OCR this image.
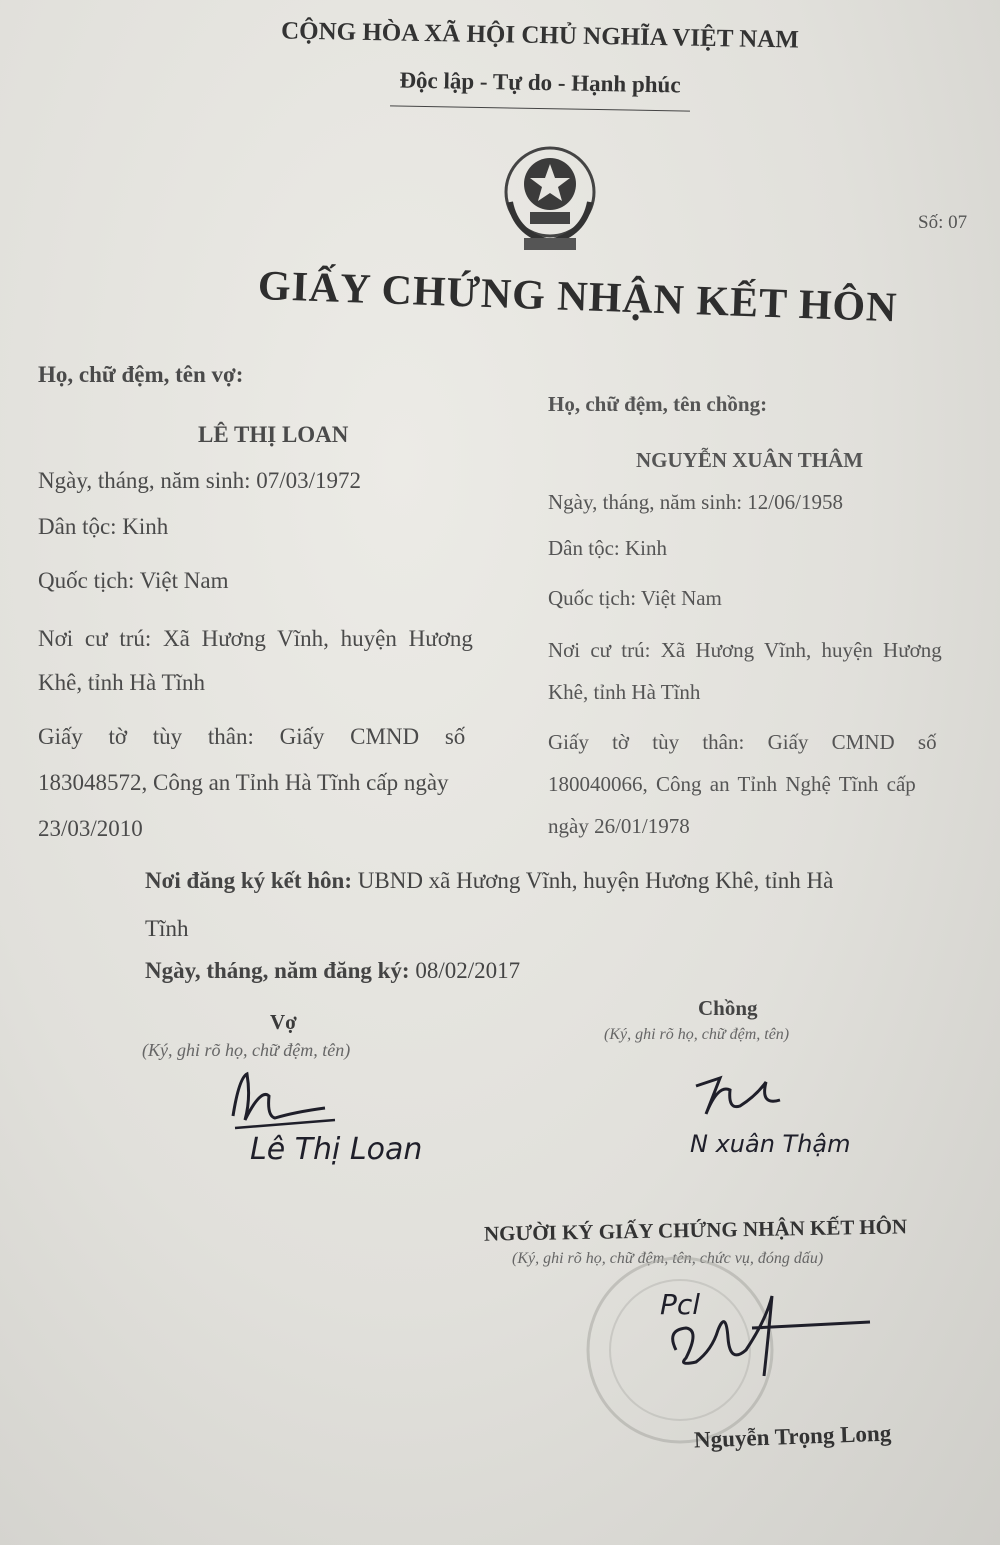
CỘNG HÒA XÃ HỘI CHỦ NGHĨA VIỆT NAM
Độc lập - Tự do - Hạnh phúc
Số: 07
GIẤY CHỨNG NHẬN KẾT HÔN
Họ, chữ đệm, tên vợ:
LÊ THỊ LOAN
Ngày, tháng, năm sinh: 07/03/1972
Dân tộc: Kinh
Quốc tịch: Việt Nam
Nơi cư trú: Xã Hương Vĩnh, huyện Hương
Khê, tỉnh Hà Tĩnh
Giấy tờ tùy thân: Giấy CMND số
183048572, Công an Tỉnh Hà Tĩnh cấp ngày
23/03/2010
Họ, chữ đệm, tên chồng:
NGUYỄN XUÂN THÂM
Ngày, tháng, năm sinh: 12/06/1958
Dân tộc: Kinh
Quốc tịch: Việt Nam
Nơi cư trú: Xã Hương Vĩnh, huyện Hương
Khê, tỉnh Hà Tĩnh
Giấy tờ tùy thân: Giấy CMND số
180040066, Công an Tỉnh Nghệ Tĩnh cấp
ngày 26/01/1978
Nơi đăng ký kết hôn: UBND xã Hương Vĩnh, huyện Hương Khê, tỉnh Hà
Tĩnh
Ngày, tháng, năm đăng ký: 08/02/2017
Vợ
(Ký, ghi rõ họ, chữ đệm, tên)
Lê Thị Loan
Chồng
(Ký, ghi rõ họ, chữ đệm, tên)
N xuân Thậm
NGƯỜI KÝ GIẤY CHỨNG NHẬN KẾT HÔN
(Ký, ghi rõ họ, chữ đệm, tên, chức vụ, đóng dấu)
Pcl
Nguyễn Trọng Long
